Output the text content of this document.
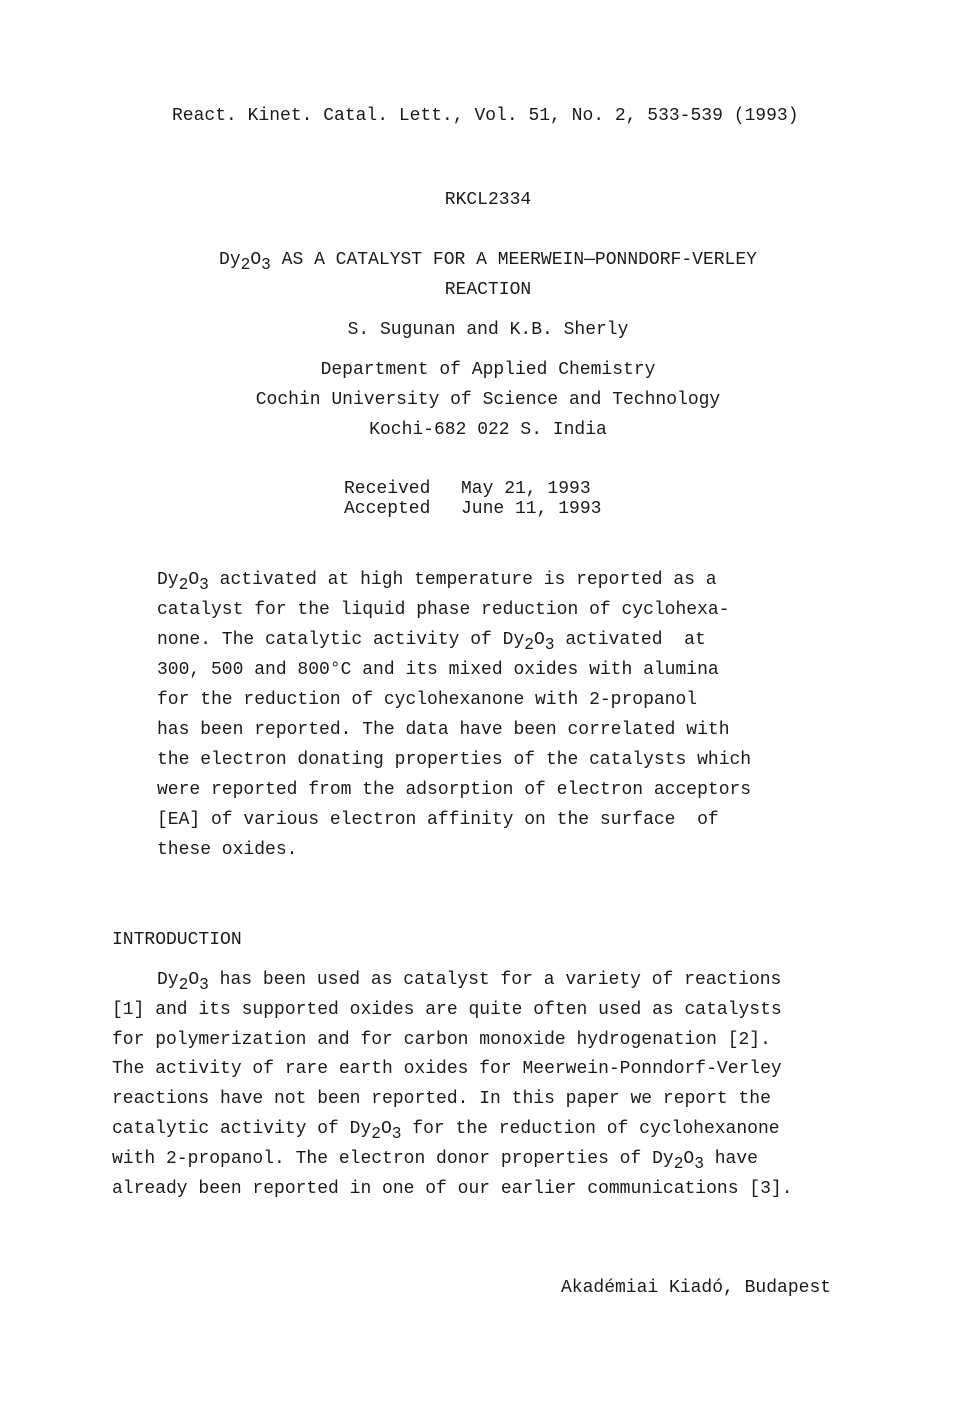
React. Kinet. Catal. Lett., Vol. 51, No. 2, 533-539 (1993)
RKCL2334
$Dy_2O_3$ AS A CATALYST FOR A MEERWEIN—PONNDORF-VERLEY
REACTION
S. Sugunan and K.B. Sherly
Department of Applied Chemistry
Cochin University of Science and Technology
Kochi-682 022 S. India
Received May 21, 1993
Accepted June 11, 1993
$Dy_2O_3$ activated at high temperature is reported as a
catalyst for the liquid phase reduction of cyclohexa-
none. The catalytic activity of $Dy_2O_3$ activated  at
300, 500 and 800°C and its mixed oxides with alumina
for the reduction of cyclohexanone with 2-propanol
has been reported. The data have been correlated with
the electron donating properties of the catalysts which
were reported from the adsorption of electron acceptors
[EA] of various electron affinity on the surface  of
these oxides.
INTRODUCTION
$Dy_2O_3$ has been used as catalyst for a variety of reactions
[1] and its supported oxides are quite often used as catalysts
for polymerization and for carbon monoxide hydrogenation [2].
The activity of rare earth oxides for Meerwein-Ponndorf-Verley
reactions have not been reported. In this paper we report the
catalytic activity of $Dy_2O_3$ for the reduction of cyclohexanone
with 2-propanol. The electron donor properties of $Dy_2O_3$ have
already been reported in one of our earlier communications [3].
Akadémiai Kiadó, Budapest
